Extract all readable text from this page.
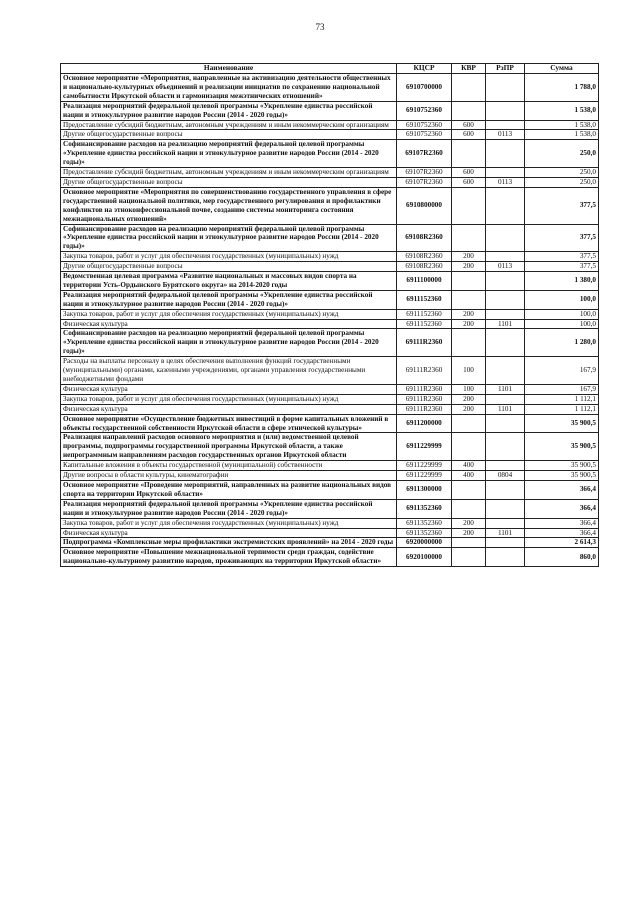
73
Наименование	КЦСР	КВР	РзПР	Сумма
Основное мероприятие «Мероприятия, направленные на активизацию деятельности общественных и национально-культурных объединений и реализации инициатив по сохранению национальной самобытности Иркутской области и гармонизация межэтнических отношений»	6910700000			1 788,0
Реализация мероприятий федеральной целевой программы «Укрепление единства российской нации и этнокультурное развитие народов России (2014 - 2020 годы)»	6910752360			1 538,0
Предоставление субсидий бюджетным, автономным учреждениям и иным некоммерческим организациям	6910752360	600		1 538,0
Другие общегосударственные вопросы	6910752360	600	0113	1 538,0
Софинансирование расходов на реализацию мероприятий федеральной целевой программы «Укрепление единства российской нации и этнокультурное развитие народов России (2014 - 2020 годы)»	69107R2360			250,0
Предоставление субсидий бюджетным, автономным учреждениям и иным некоммерческим организациям	69107R2360	600		250,0
Другие общегосударственные вопросы	69107R2360	600	0113	250,0
Основное мероприятие «Мероприятия по совершенствованию государственного управления в сфере государственной национальной политики, мер государственного регулирования и профилактики конфликтов на этноконфессиональной почве, созданию системы мониторинга состояния межнациональных отношений»	6910800000			377,5
Софинансирование расходов на реализацию мероприятий федеральной целевой программы «Укрепление единства российской нации и этнокультурное развитие народов России (2014 - 2020 годы)»	69108R2360			377,5
Закупка товаров, работ и услуг для обеспечения государственных (муниципальных) нужд	69108R2360	200		377,5
Другие общегосударственные вопросы	69108R2360	200	0113	377,5
Ведомственная целевая программа «Развитие национальных и массовых видов спорта на территории Усть-Ордынского Бурятского округа» на 2014-2020 годы	6911100000			1 380,0
Реализация мероприятий федеральной целевой программы «Укрепление единства российской нации и этнокультурное развитие народов России (2014 - 2020 годы)»	6911152360			100,0
Закупка товаров, работ и услуг для обеспечения государственных (муниципальных) нужд	6911152360	200		100,0
Физическая культура	6911152360	200	1101	100,0
Софинансирование расходов на реализацию мероприятий федеральной целевой программы «Укрепление единства российской нации и этнокультурное развитие народов России (2014 - 2020 годы)»	69111R2360			1 280,0
Расходы на выплаты персоналу в целях обеспечения выполнения функций государственными (муниципальными) органами, казенными учреждениями, органами управления государственными внебюджетными фондами	69111R2360	100		167,9
Физическая культура	69111R2360	100	1101	167,9
Закупка товаров, работ и услуг для обеспечения государственных (муниципальных) нужд	69111R2360	200		1 112,1
Физическая культура	69111R2360	200	1101	1 112,1
Основное мероприятие «Осуществление бюджетных инвестиций в форме капитальных вложений в объекты государственной собственности Иркутской области в сфере этнической культуры»	6911200000			35 900,5
Реализация направлений расходов основного мероприятия и (или) ведомственной целевой программы, подпрограммы государственной программы Иркутской области, а также непрограммным направлениям расходов государственных органов Иркутской области	6911229999			35 900,5
Капитальные вложения в объекты государственной (муниципальной) собственности	6911229999	400		35 900,5
Другие вопросы в области культуры, кинематографии	6911229999	400	0804	35 900,5
Основное мероприятие «Проведение мероприятий, направленных на развитие национальных видов спорта на территории Иркутской области»	6911300000			366,4
Реализация мероприятий федеральной целевой программы «Укрепление единства российской нации и этнокультурное развитие народов России (2014 - 2020 годы)»	6911352360			366,4
Закупка товаров, работ и услуг для обеспечения государственных (муниципальных) нужд	6911352360	200		366,4
Физическая культура	6911352360	200	1101	366,4
Подпрограмма «Комплексные меры профилактики экстремистских проявлений» на 2014 - 2020 годы	6920000000			2 614,3
Основное мероприятие «Повышение межнациональной терпимости среди граждан, содействие национально-культурному развитию народов, проживающих на территории Иркутской области»	6920100000			860,0
